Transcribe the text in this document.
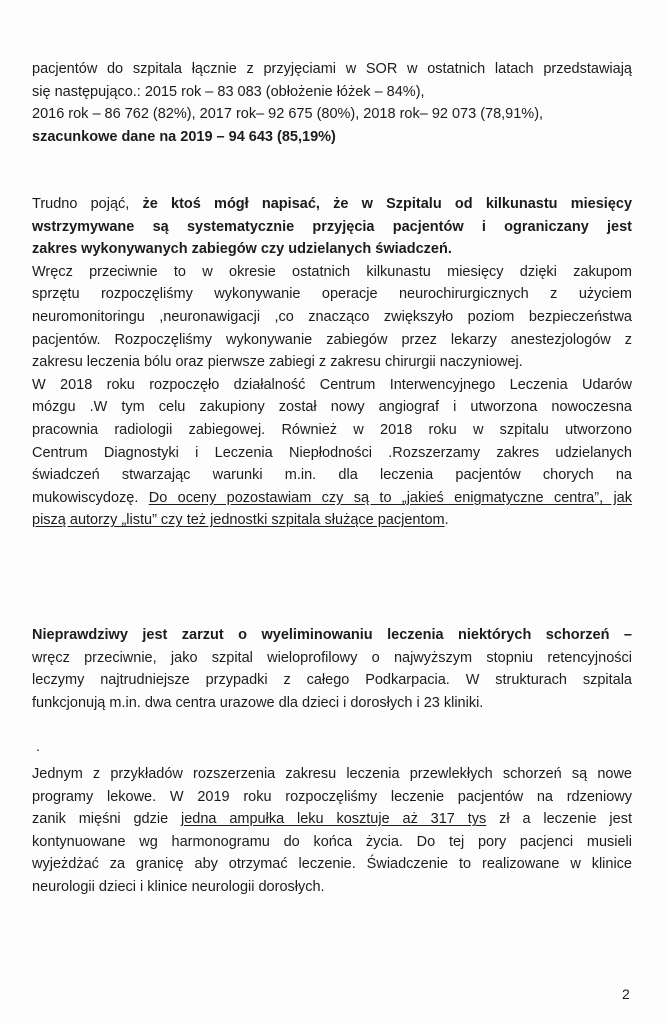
pacjentów do szpitala łącznie z przyjęciami w SOR w ostatnich latach przedstawiają
się następująco.: 2015 rok – 83 083 (obłożenie łóżek – 84%),
2016 rok – 86 762 (82%), 2017 rok– 92 675 (80%), 2018 rok– 92 073 (78,91%),
szacunkowe dane na 2019 – 94 643 (85,19%)
Trudno pojąć, że ktoś mógł napisać, że w Szpitalu od kilkunastu miesięcy
wstrzymywane są systematycznie przyjęcia pacjentów i ograniczany jest
zakres wykonywanych zabiegów czy udzielanych świadczeń.
Wręcz przeciwnie to w okresie ostatnich kilkunastu miesięcy dzięki zakupom
sprzętu rozpoczęliśmy wykonywanie operacje neurochirurgicznych z użyciem
neuromonitoringu ,neuronawigacji ,co znacząco zwiększyło poziom bezpieczeństwa
pacjentów. Rozpoczęliśmy wykonywanie zabiegów przez lekarzy anestezjologów z
zakresu leczenia bólu oraz pierwsze zabiegi z zakresu chirurgii naczyniowej.
W 2018 roku rozpoczęło działalność Centrum Interwencyjnego Leczenia Udarów
mózgu .W tym celu zakupiony został nowy angiograf i utworzona nowoczesna
pracownia radiologii zabiegowej. Również w 2018 roku w szpitalu utworzono
Centrum Diagnostyki i Leczenia Niepłodności .Rozszerzamy zakres udzielanych
świadczeń stwarzając warunki m.in. dla leczenia pacjentów chorych na
mukowiscydozę. Do oceny pozostawiam czy są to „jakieś enigmatyczne centra”, jak
piszą autorzy „listu” czy też jednostki szpitala służące pacjentom.
Nieprawdziwy jest zarzut o wyeliminowaniu leczenia niektórych schorzeń –
wręcz przeciwnie, jako szpital wieloprofilowy o najwyższym stopniu retencyjności
leczymy najtrudniejsze przypadki z całego Podkarpacia. W strukturach szpitala
funkcjonują m.in. dwa centra urazowe dla dzieci i dorosłych i 23 kliniki.
.
Jednym z przykładów rozszerzenia zakresu leczenia przewlekłych schorzeń są nowe
programy lekowe. W 2019 roku rozpoczęliśmy leczenie pacjentów na rdzeniowy
zanik mięśni gdzie jedna ampułka leku kosztuje aż 317 tys zł a leczenie jest
kontynuowane wg harmonogramu do końca życia. Do tej pory pacjenci musieli
wyjeżdżać za granicę aby otrzymać leczenie. Świadczenie to realizowane w klinice
neurologii dzieci i klinice neurologii dorosłych.
2
